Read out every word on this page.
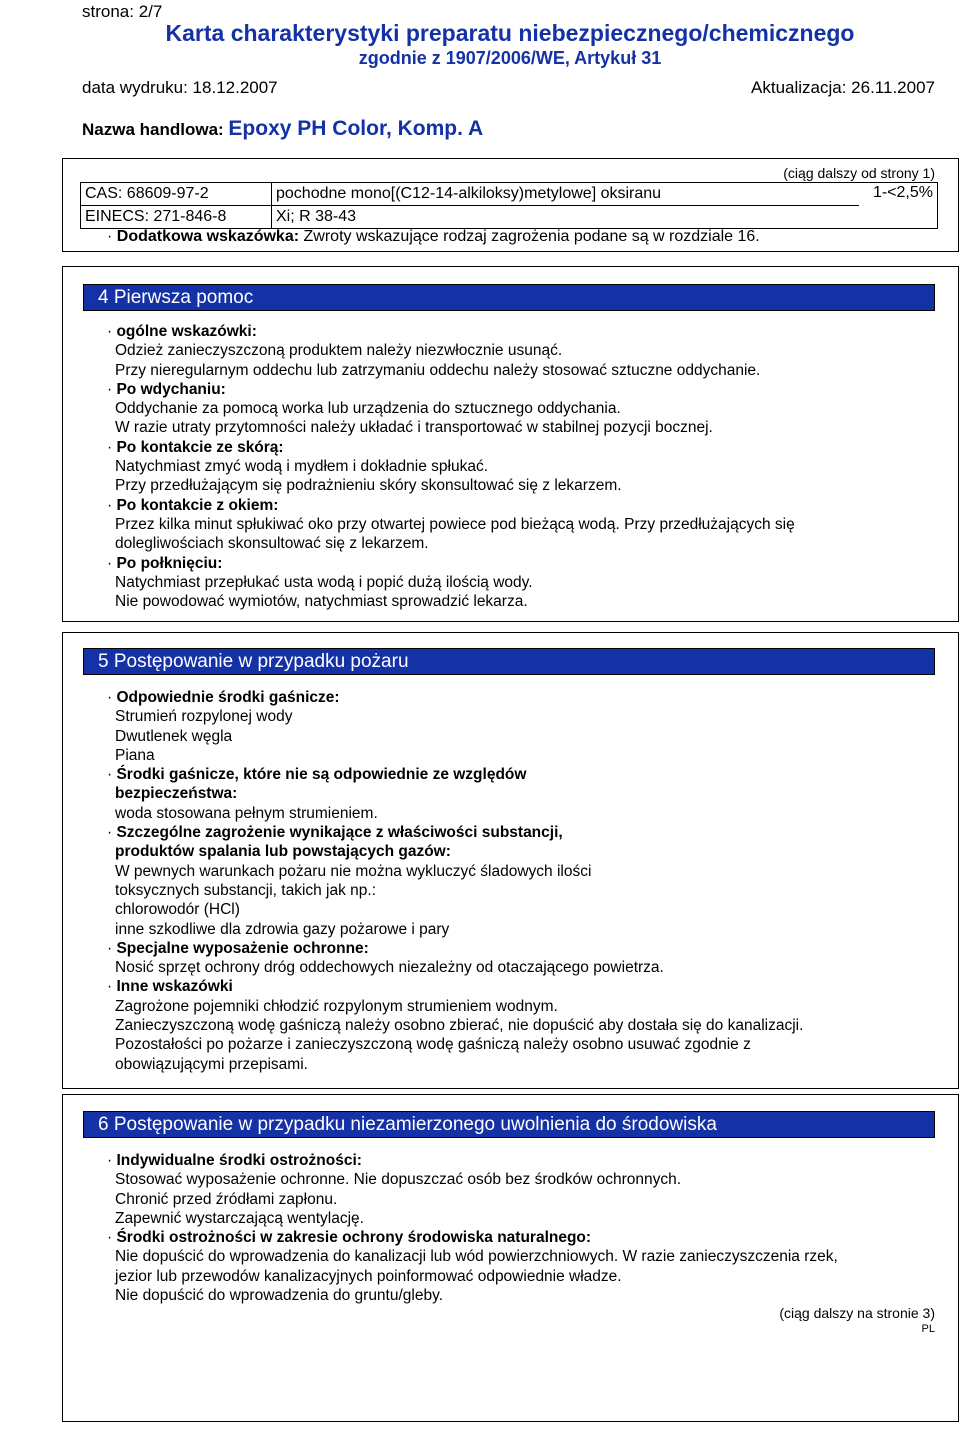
strona: 2/7
Karta charakterystyki preparatu niebezpiecznego/chemicznego
zgodnie z 1907/2006/WE, Artykuł 31
data wydruku: 18.12.2007	Aktualizacja: 26.11.2007
Nazwa handlowa: Epoxy PH Color, Komp. A
(ciąg dalszy od strony 1)
CAS: 68609-97-2	pochodne mono[(C12-14-alkiloksy)metylowe] oksiranu	1-<2,5%
EINECS: 271-846-8	Xi; R 38-43	
· Dodatkowa wskazówka: Zwroty wskazujące rodzaj zagrożenia podane są w rozdziale 16.
4 Pierwsza pomoc

· ogólne wskazówki:

Odzież zanieczyszczoną produktem należy niezwłocznie usunąć.

Przy nieregularnym oddechu lub zatrzymaniu oddechu należy stosować sztuczne oddychanie.

· Po wdychaniu:

Oddychanie za pomocą worka lub urządzenia do sztucznego oddychania.

W razie utraty przytomności należy układać i transportować w stabilnej pozycji bocznej.

· Po kontakcie ze skórą:

Natychmiast zmyć wodą i mydłem i dokładnie spłukać.

Przy przedłużającym się podrażnieniu skóry skonsultować się z lekarzem.

· Po kontakcie z okiem:

Przez kilka minut spłukiwać oko przy otwartej powiece pod bieżącą wodą. Przy przedłużających się

dolegliwościach skonsultować się z lekarzem.

· Po połknięciu:

Natychmiast przepłukać usta wodą i popić dużą ilością wody.

Nie powodować wymiotów, natychmiast sprowadzić lekarza.

5 Postępowanie w przypadku pożaru

· Odpowiednie środki gaśnicze:

Strumień rozpylonej wody

Dwutlenek węgla

Piana

· Środki gaśnicze, które nie są odpowiednie ze względów

bezpieczeństwa:

woda stosowana pełnym strumieniem.

· Szczególne zagrożenie wynikające z właściwości substancji,

produktów spalania lub powstających gazów:

W pewnych warunkach pożaru nie można wykluczyć śladowych ilości

toksycznych substancji, takich jak np.:

chlorowodór (HCl)

inne szkodliwe dla zdrowia gazy pożarowe i pary

· Specjalne wyposażenie ochronne:

Nosić sprzęt ochrony dróg oddechowych niezależny od otaczającego powietrza.

· Inne wskazówki

Zagrożone pojemniki chłodzić rozpylonym strumieniem wodnym.

Zanieczyszczoną wodę gaśniczą należy osobno zbierać, nie dopuścić aby dostała się do kanalizacji.

Pozostałości po pożarze i zanieczyszczoną wodę gaśniczą należy osobno usuwać zgodnie z

obowiązującymi przepisami.

6 Postępowanie w przypadku niezamierzonego uwolnienia do środowiska

· Indywidualne środki ostrożności:

Stosować wyposażenie ochronne. Nie dopuszczać osób bez środków ochronnych.

Chronić przed źródłami zapłonu.

Zapewnić wystarczającą wentylację.

· Środki ostrożności w zakresie ochrony środowiska naturalnego:

Nie dopuścić do wprowadzenia do kanalizacji lub wód powierzchniowych. W razie zanieczyszczenia rzek,

jezior lub przewodów kanalizacyjnych poinformować odpowiednie władze.

Nie dopuścić do wprowadzenia do gruntu/gleby.

(ciąg dalszy na stronie 3)
PL
